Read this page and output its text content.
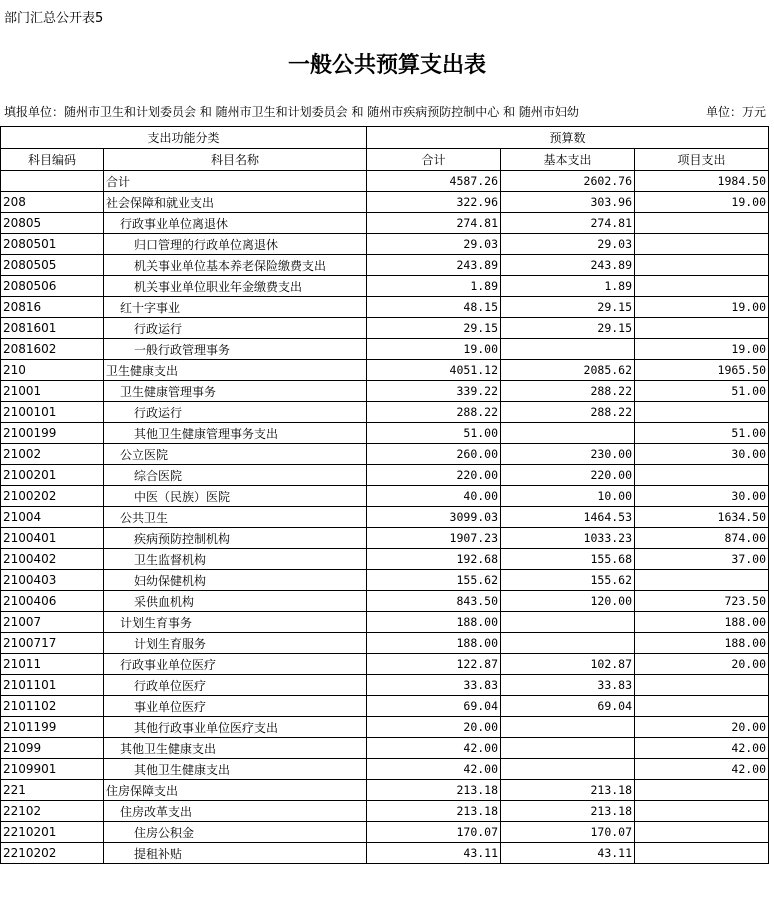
部门汇总公开表5
一般公共预算支出表
填报单位：随州市卫生和计划委员会 和 随州市卫生和计划委员会 和 随州市疾病预防控制中心 和 随州市妇幼	单位：万元
支出功能分类		预算数		
科目编码	科目名称	合计	基本支出	项目支出
	合计	4587.26	2602.76	1984.50
208	社会保障和就业支出	322.96	303.96	19.00
20805	行政事业单位离退休	274.81	274.81	
2080501	归口管理的行政单位离退休	29.03	29.03	
2080505	机关事业单位基本养老保险缴费支出	243.89	243.89	
2080506	机关事业单位职业年金缴费支出	1.89	1.89	
20816	红十字事业	48.15	29.15	19.00
2081601	行政运行	29.15	29.15	
2081602	一般行政管理事务	19.00		19.00
210	卫生健康支出	4051.12	2085.62	1965.50
21001	卫生健康管理事务	339.22	288.22	51.00
2100101	行政运行	288.22	288.22	
2100199	其他卫生健康管理事务支出	51.00		51.00
21002	公立医院	260.00	230.00	30.00
2100201	综合医院	220.00	220.00	
2100202	中医（民族）医院	40.00	10.00	30.00
21004	公共卫生	3099.03	1464.53	1634.50
2100401	疾病预防控制机构	1907.23	1033.23	874.00
2100402	卫生监督机构	192.68	155.68	37.00
2100403	妇幼保健机构	155.62	155.62	
2100406	采供血机构	843.50	120.00	723.50
21007	计划生育事务	188.00		188.00
2100717	计划生育服务	188.00		188.00
21011	行政事业单位医疗	122.87	102.87	20.00
2101101	行政单位医疗	33.83	33.83	
2101102	事业单位医疗	69.04	69.04	
2101199	其他行政事业单位医疗支出	20.00		20.00
21099	其他卫生健康支出	42.00		42.00
2109901	其他卫生健康支出	42.00		42.00
221	住房保障支出	213.18	213.18	
22102	住房改革支出	213.18	213.18	
2210201	住房公积金	170.07	170.07	
2210202	提租补贴	43.11	43.11	
